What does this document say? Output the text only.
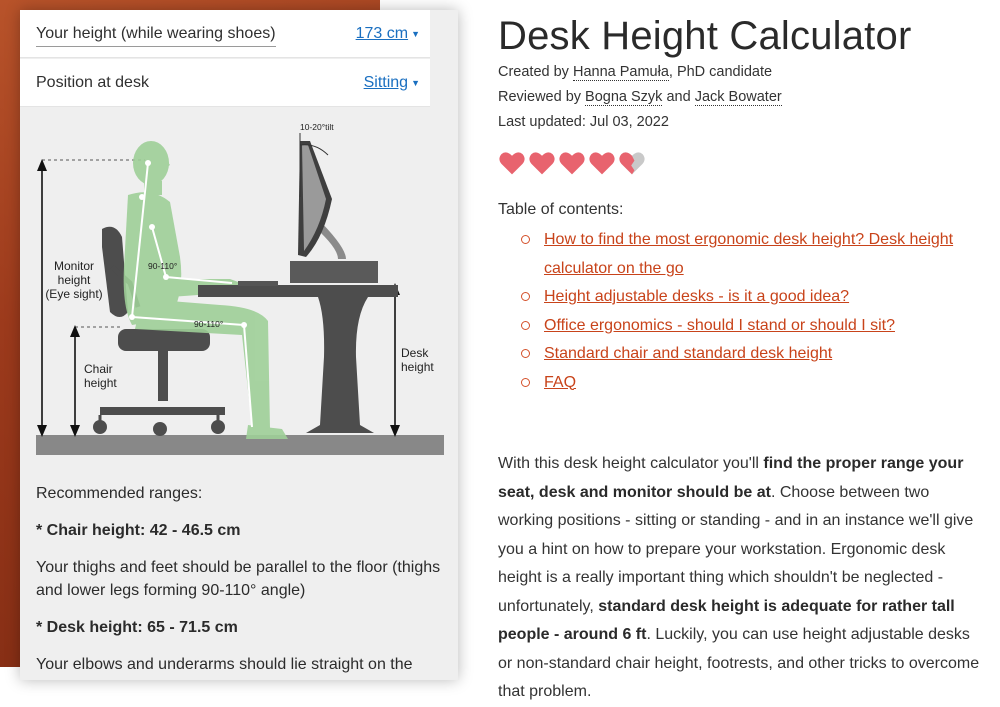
Your height (while wearing shoes)	173 cm ▼
Position at desk	Sitting ▼
10-20°tilt
90-110°
90-110°
Monitor
height
(Eye sight)
Chair
height
Desk
height

Recommended ranges:

* Chair height: 42 - 46.5 cm

Your thighs and feet should be parallel to the floor (thighs and lower legs forming 90-110° angle)

* Desk height: 65 - 71.5 cm

Your elbows and underarms should lie straight on the

Desk Height Calculator
Created by Hanna Pamuła, PhD candidate
Reviewed by Bogna Szyk and Jack Bowater
Last updated: Jul 03, 2022
Table of contents:
How to find the most ergonomic desk height? Desk height calculator on the go
Height adjustable desks - is it a good idea?
Office ergonomics - should I stand or should I sit?
Standard chair and standard desk height
FAQ

With this desk height calculator you'll find the proper range your seat, desk and monitor should be at. Choose between two working positions - sitting or standing - and in an instance we'll give you a hint on how to prepare your workstation. Ergonomic desk height is a really important thing which shouldn't be neglected - unfortunately, standard desk height is adequate for rather tall people - around 6 ft. Luckily, you can use height adjustable desks or non-standard chair height, footrests, and other tricks to overcome that problem.
